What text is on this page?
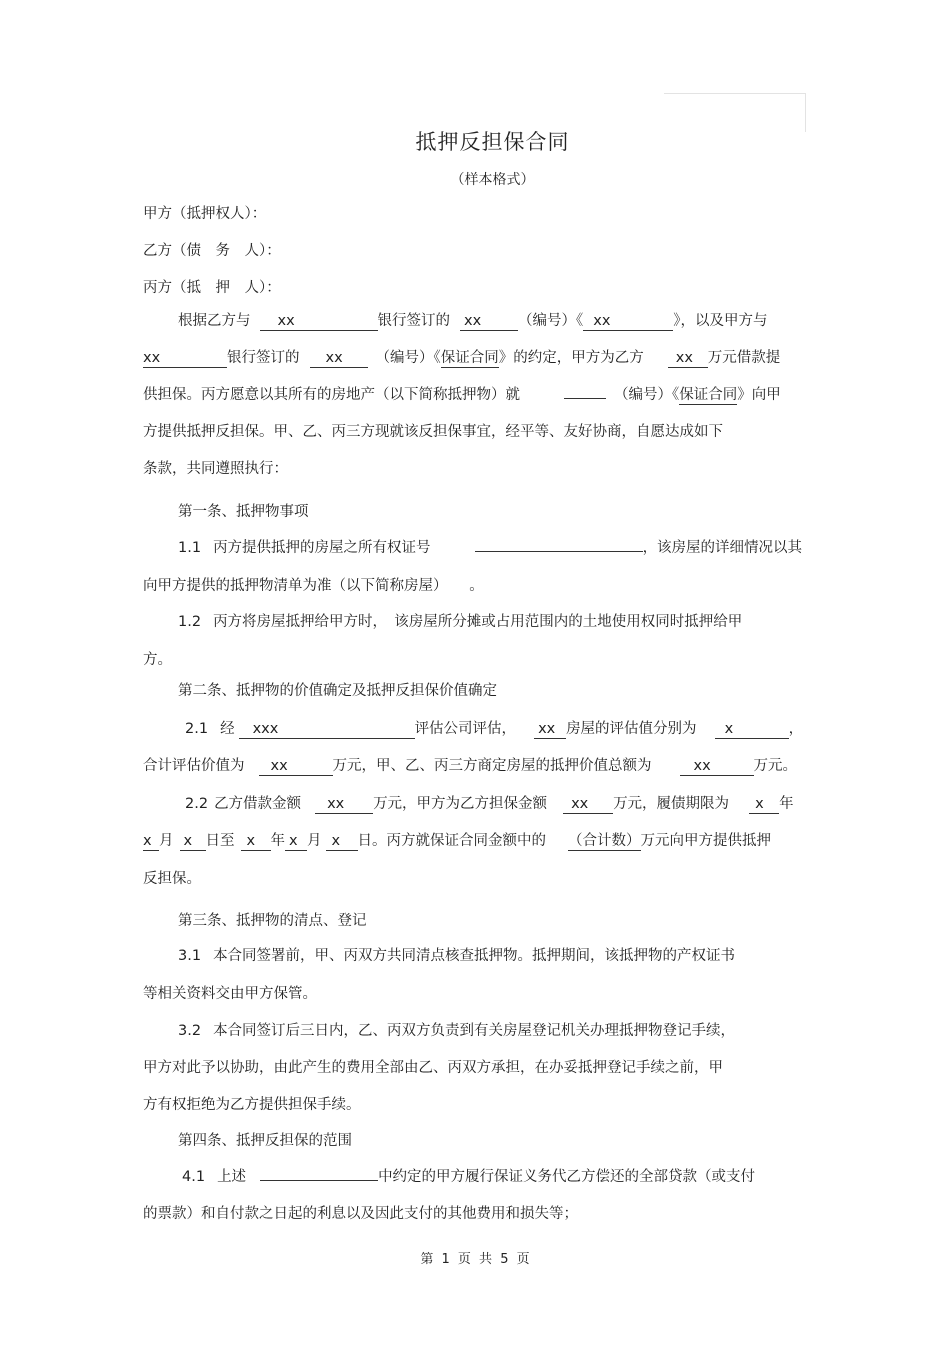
抵押反担保合同
（样本格式）
甲方（抵押权人）：
乙方（债　务　人）：
丙方（抵　押　人）：
根据乙方与 xx	银行签订的 xx	（编号）《 xx	》，以及甲方与
xx	银行签订的 xx （编号）《保证合同》的约定，甲方为乙方 xx 万元借款提
供担保。丙方愿意以其所有的房地产（以下简称抵押物）就	（编号）《保证合同》向甲
方提供抵押反担保。甲、乙、丙三方现就该反担保事宜，经平等、友好协商，自愿达成如下
条款，共同遵照执行：
第一条、抵押物事项
1.1 丙方提供抵押的房屋之所有权证号	，该房屋的详细情况以其
向甲方提供的抵押物清单为准（以下简称房屋）　　。
1.2 丙方将房屋抵押给甲方时，　该房屋所分摊或占用范围内的土地使用权同时抵押给甲
方。
第二条、抵押物的价值确定及抵押反担保价值确定
2.1 经 xxx	评估公司评估， xx 房屋的评估值分别为 x	，
合计评估价值为 xx	万元，甲、乙、丙三方商定房屋的抵押价值总额为	xx	万元。
2.2 乙方借款金额 xx 万元，甲方为乙方担保金额 xx 万元，履债期限为 x 年
x 月 x 日至 x 年 x 月 x 日。丙方就保证合同金额中的 （合计数）万元向甲方提供抵押
反担保。
第三条、抵押物的清点、登记
3.1 本合同签署前，甲、丙双方共同清点核查抵押物。抵押期间，该抵押物的产权证书
等相关资料交由甲方保管。
3.2 本合同签订后三日内，乙、丙双方负责到有关房屋登记机关办理抵押物登记手续，
甲方对此予以协助，由此产生的费用全部由乙、丙双方承担，在办妥抵押登记手续之前，甲
方有权拒绝为乙方提供担保手续。
第四条、抵押反担保的范围
4.1 上述	中约定的甲方履行保证义务代乙方偿还的全部贷款（或支付
的票款）和自付款之日起的利息以及因此支付的其他费用和损失等；
第 1 页 共 5 页
